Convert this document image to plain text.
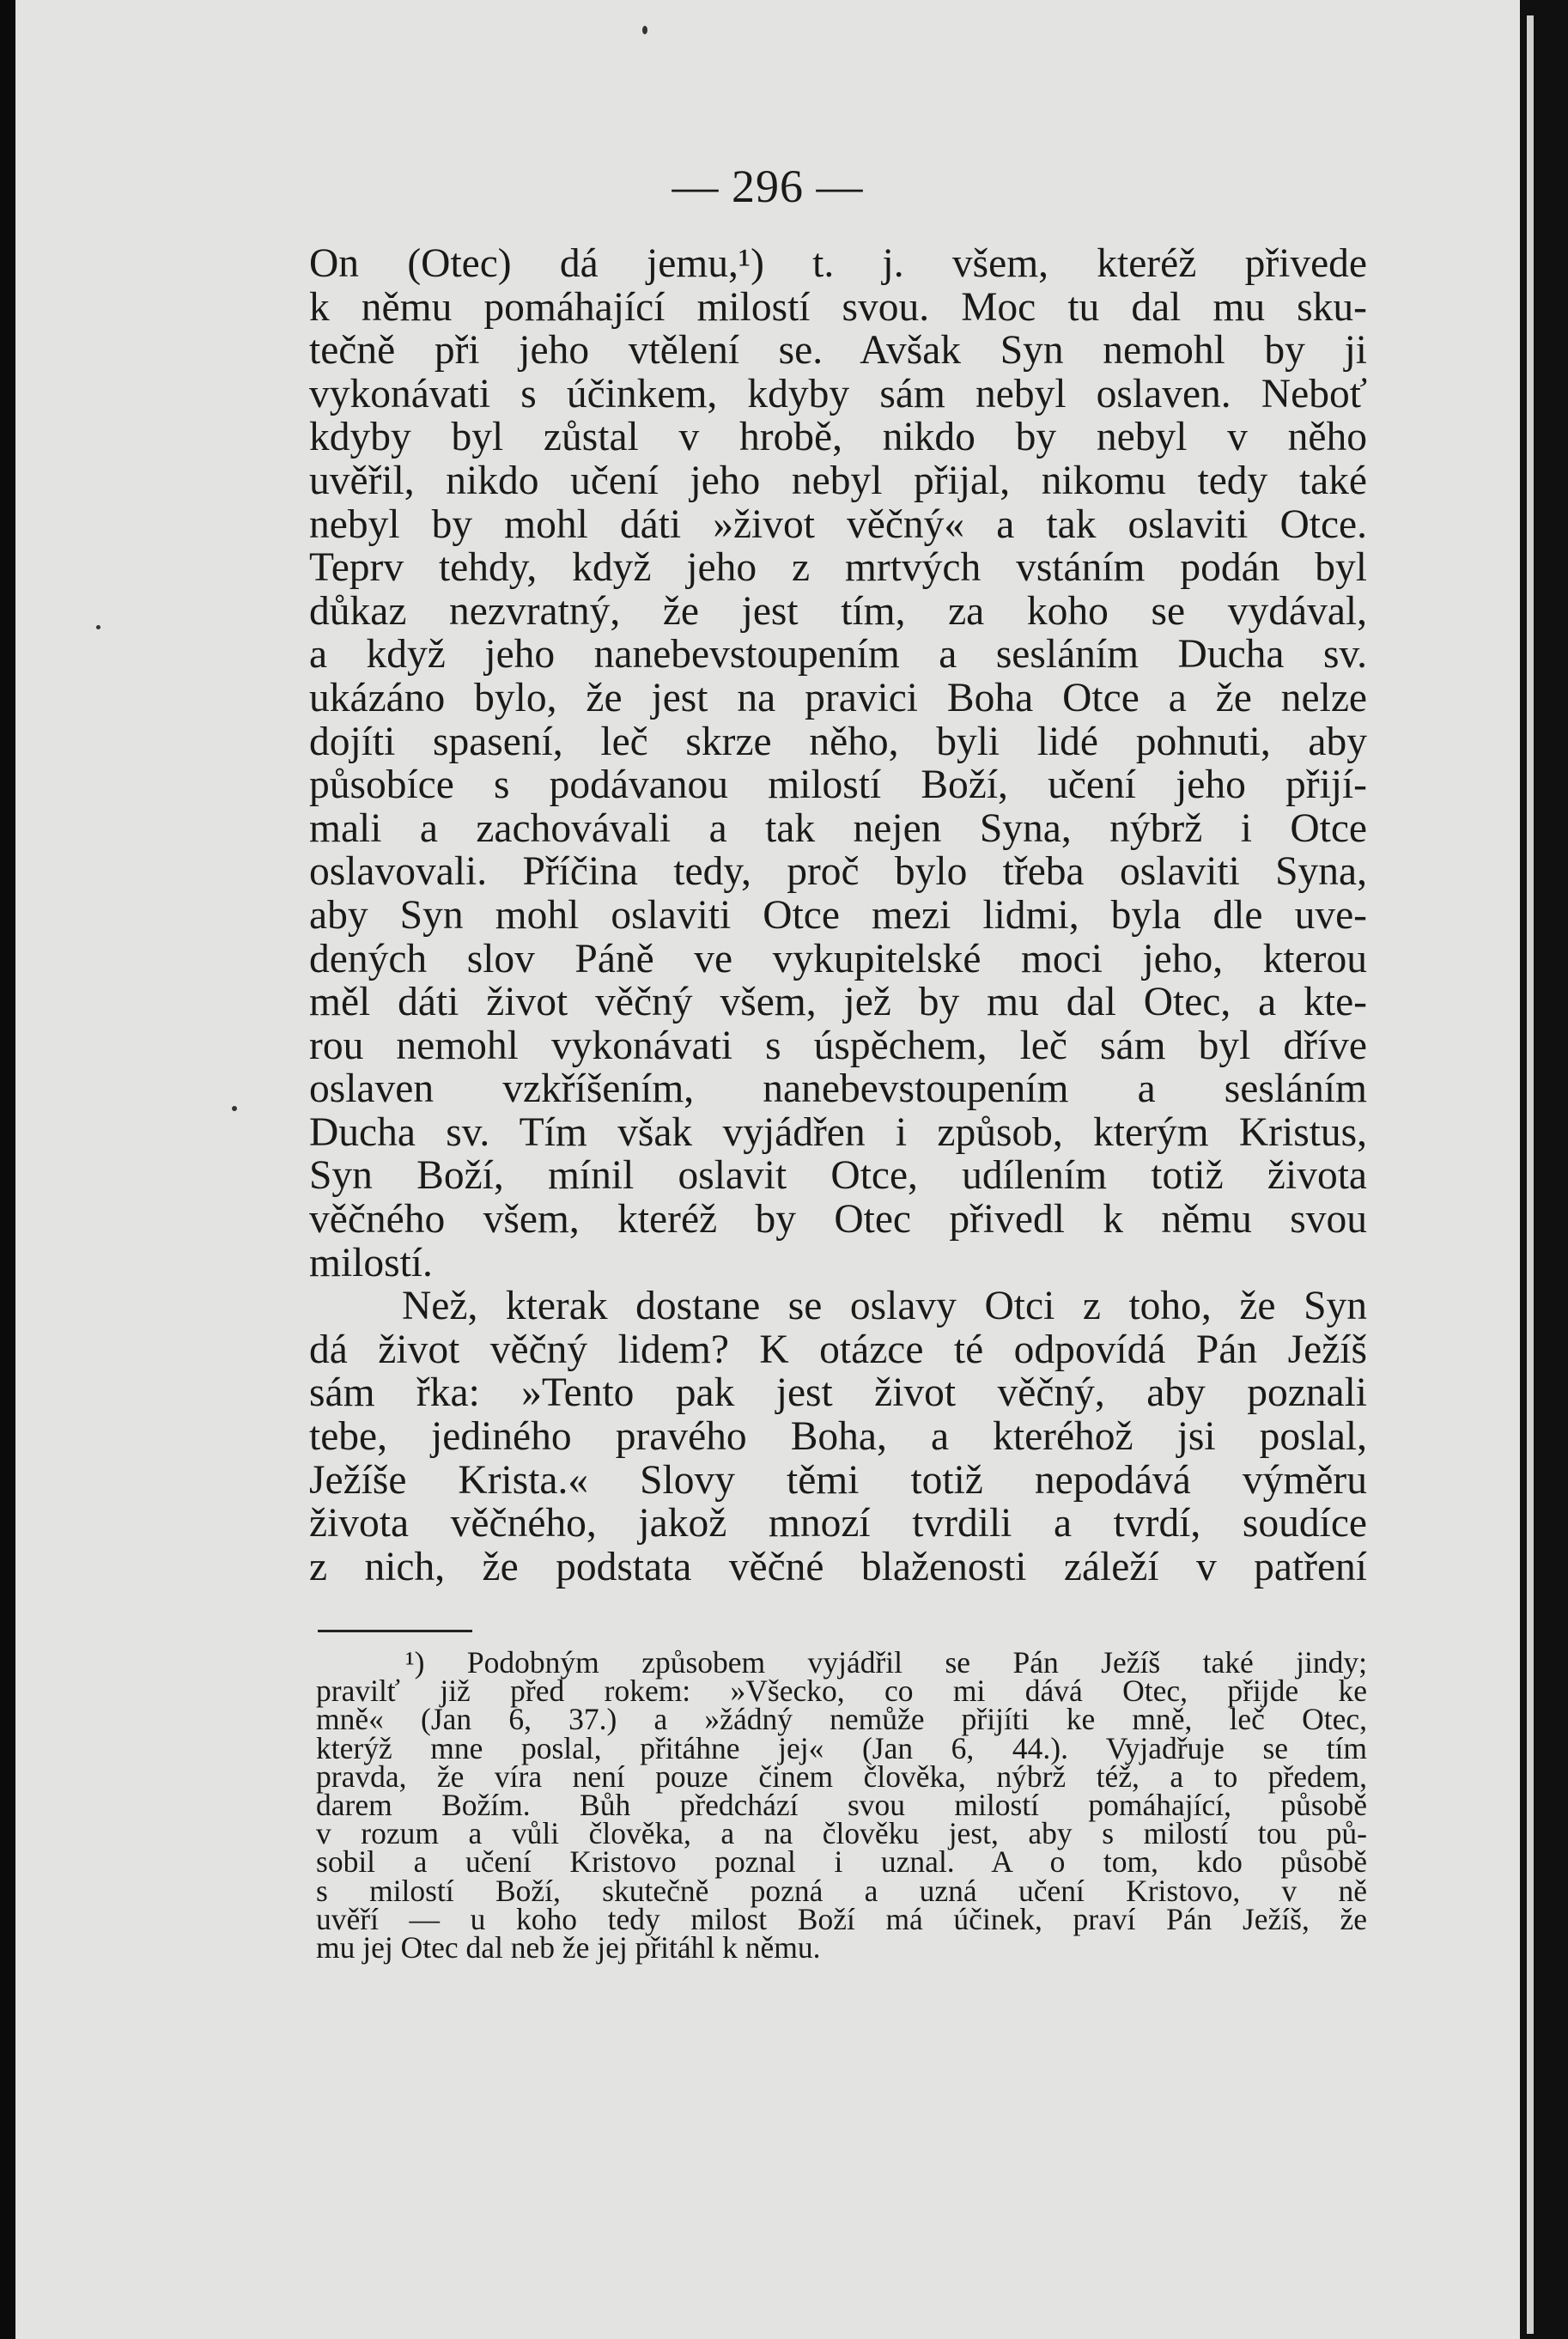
— 296 —
On (Otec) dá jemu,¹) t. j. všem, kteréž přivede
k němu pomáhající milostí svou. Moc tu dal mu sku-
tečně při jeho vtělení se. Avšak Syn nemohl by ji
vykonávati s účinkem, kdyby sám nebyl oslaven. Neboť
kdyby byl zůstal v hrobě, nikdo by nebyl v něho
uvěřil, nikdo učení jeho nebyl přijal, nikomu tedy také
nebyl by mohl dáti »život věčný« a tak oslaviti Otce.
Teprv tehdy, když jeho z mrtvých vstáním podán byl
důkaz nezvratný, že jest tím, za koho se vydával,
a když jeho nanebevstoupením a sesláním Ducha sv.
ukázáno bylo, že jest na pravici Boha Otce a že nelze
dojíti spasení, leč skrze něho, byli lidé pohnuti, aby
působíce s podávanou milostí Boží, učení jeho přijí-
mali a zachovávali a tak nejen Syna, nýbrž i Otce
oslavovali. Příčina tedy, proč bylo třeba oslaviti Syna,
aby Syn mohl oslaviti Otce mezi lidmi, byla dle uve-
dených slov Páně ve vykupitelské moci jeho, kterou
měl dáti život věčný všem, jež by mu dal Otec, a kte-
rou nemohl vykonávati s úspěchem, leč sám byl dříve
oslaven vzkříšením, nanebevstoupením a sesláním
Ducha sv. Tím však vyjádřen i způsob, kterým Kristus,
Syn Boží, mínil oslavit Otce, udílením totiž života
věčného všem, kteréž by Otec přivedl k němu svou
milostí.
Než, kterak dostane se oslavy Otci z toho, že Syn
dá život věčný lidem? K otázce té odpovídá Pán Ježíš
sám řka: »Tento pak jest život věčný, aby poznali
tebe, jediného pravého Boha, a kteréhož jsi poslal,
Ježíše Krista.« Slovy těmi totiž nepodává výměru
života věčného, jakož mnozí tvrdili a tvrdí, soudíce
z nich, že podstata věčné blaženosti záleží v patření
¹) Podobným způsobem vyjádřil se Pán Ježíš také jindy;
pravilť již před rokem: »Všecko, co mi dává Otec, přijde ke
mně« (Jan 6, 37.) a »žádný nemůže přijíti ke mně, leč Otec,
kterýž mne poslal, přitáhne jej« (Jan 6, 44.). Vyjadřuje se tím
pravda, že víra není pouze činem člověka, nýbrž též, a to předem,
darem Božím. Bůh předchází svou milostí pomáhající, působě
v rozum a vůli člověka, a na člověku jest, aby s milostí tou pů-
sobil a učení Kristovo poznal i uznal. A o tom, kdo působě
s milostí Boží, skutečně pozná a uzná učení Kristovo, v ně
uvěří — u koho tedy milost Boží má účinek, praví Pán Ježíš, že
mu jej Otec dal neb že jej přitáhl k němu.
